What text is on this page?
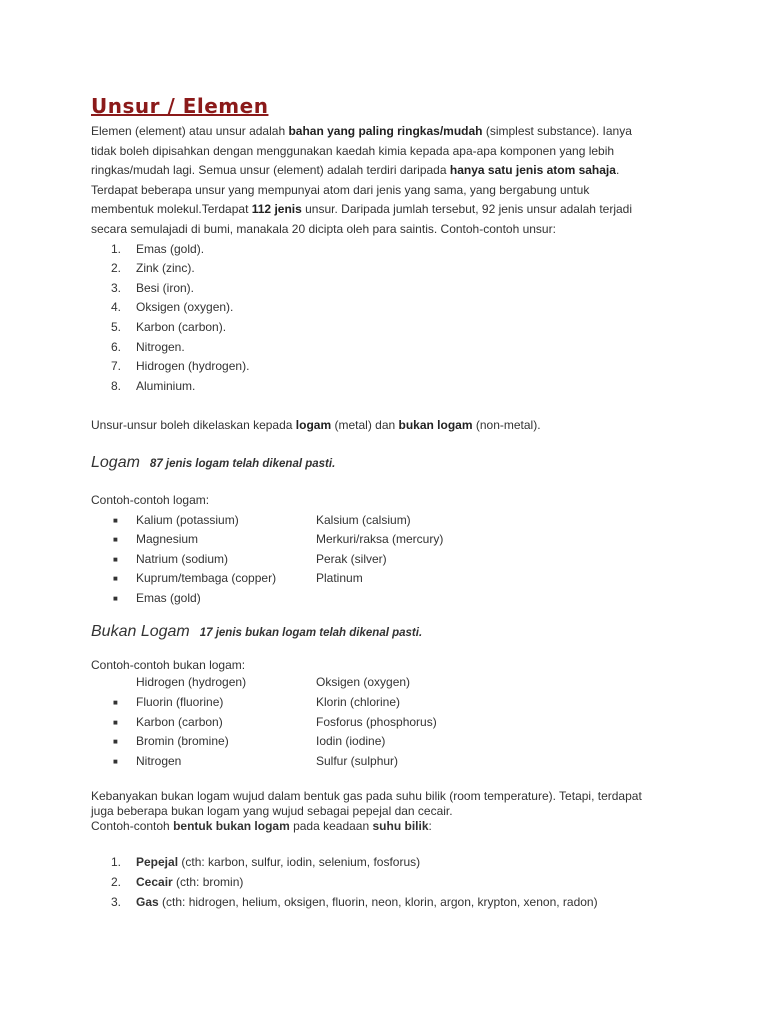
Unsur / Elemen

Elemen (element) atau unsur adalah bahan yang paling ringkas/mudah (simplest substance). Ianya

tidak boleh dipisahkan dengan menggunakan kaedah kimia kepada apa-apa komponen yang lebih

ringkas/mudah lagi. Semua unsur (element) adalah terdiri daripada hanya satu jenis atom sahaja.

Terdapat beberapa unsur yang mempunyai atom dari jenis yang sama, yang bergabung untuk

membentuk molekul.Terdapat 112 jenis unsur. Daripada jumlah tersebut, 92 jenis unsur adalah terjadi

secara semulajadi di bumi, manakala 20 dicipta oleh para saintis. Contoh-contoh unsur:

1. Emas (gold).
2. Zink (zinc).
3. Besi (iron).
4. Oksigen (oxygen).
5. Karbon (carbon).
6. Nitrogen.
7. Hidrogen (hydrogen).
8. Aluminium.

Unsur-unsur boleh dikelaskan kepada logam (metal) dan bukan logam (non-metal).

Logam 87 jenis logam telah dikenal pasti.

Contoh-contoh logam:

■ Kalium (potassium)	Kalsium (calsium)
■ Magnesium	Merkuri/raksa (mercury)
■ Natrium (sodium)	Perak (silver)
■ Kuprum/tembaga (copper)	Platinum
■ Emas (gold)

Bukan Logam 17 jenis bukan logam telah dikenal pasti.

Contoh-contoh bukan logam:

Hidrogen (hydrogen)	Oksigen (oxygen)
■ Fluorin (fluorine)	Klorin (chlorine)
■ Karbon (carbon)	Fosforus (phosphorus)
■ Bromin (bromine)	Iodin (iodine)
■ Nitrogen	Sulfur (sulphur)

Kebanyakan bukan logam wujud dalam bentuk gas pada suhu bilik (room temperature). Tetapi, terdapat

juga beberapa bukan logam yang wujud sebagai pepejal dan cecair.

Contoh-contoh bentuk bukan logam pada keadaan suhu bilik:

1. Pepejal (cth: karbon, sulfur, iodin, selenium, fosforus)
2. Cecair (cth: bromin)
3. Gas (cth: hidrogen, helium, oksigen, fluorin, neon, klorin, argon, krypton, xenon, radon)
